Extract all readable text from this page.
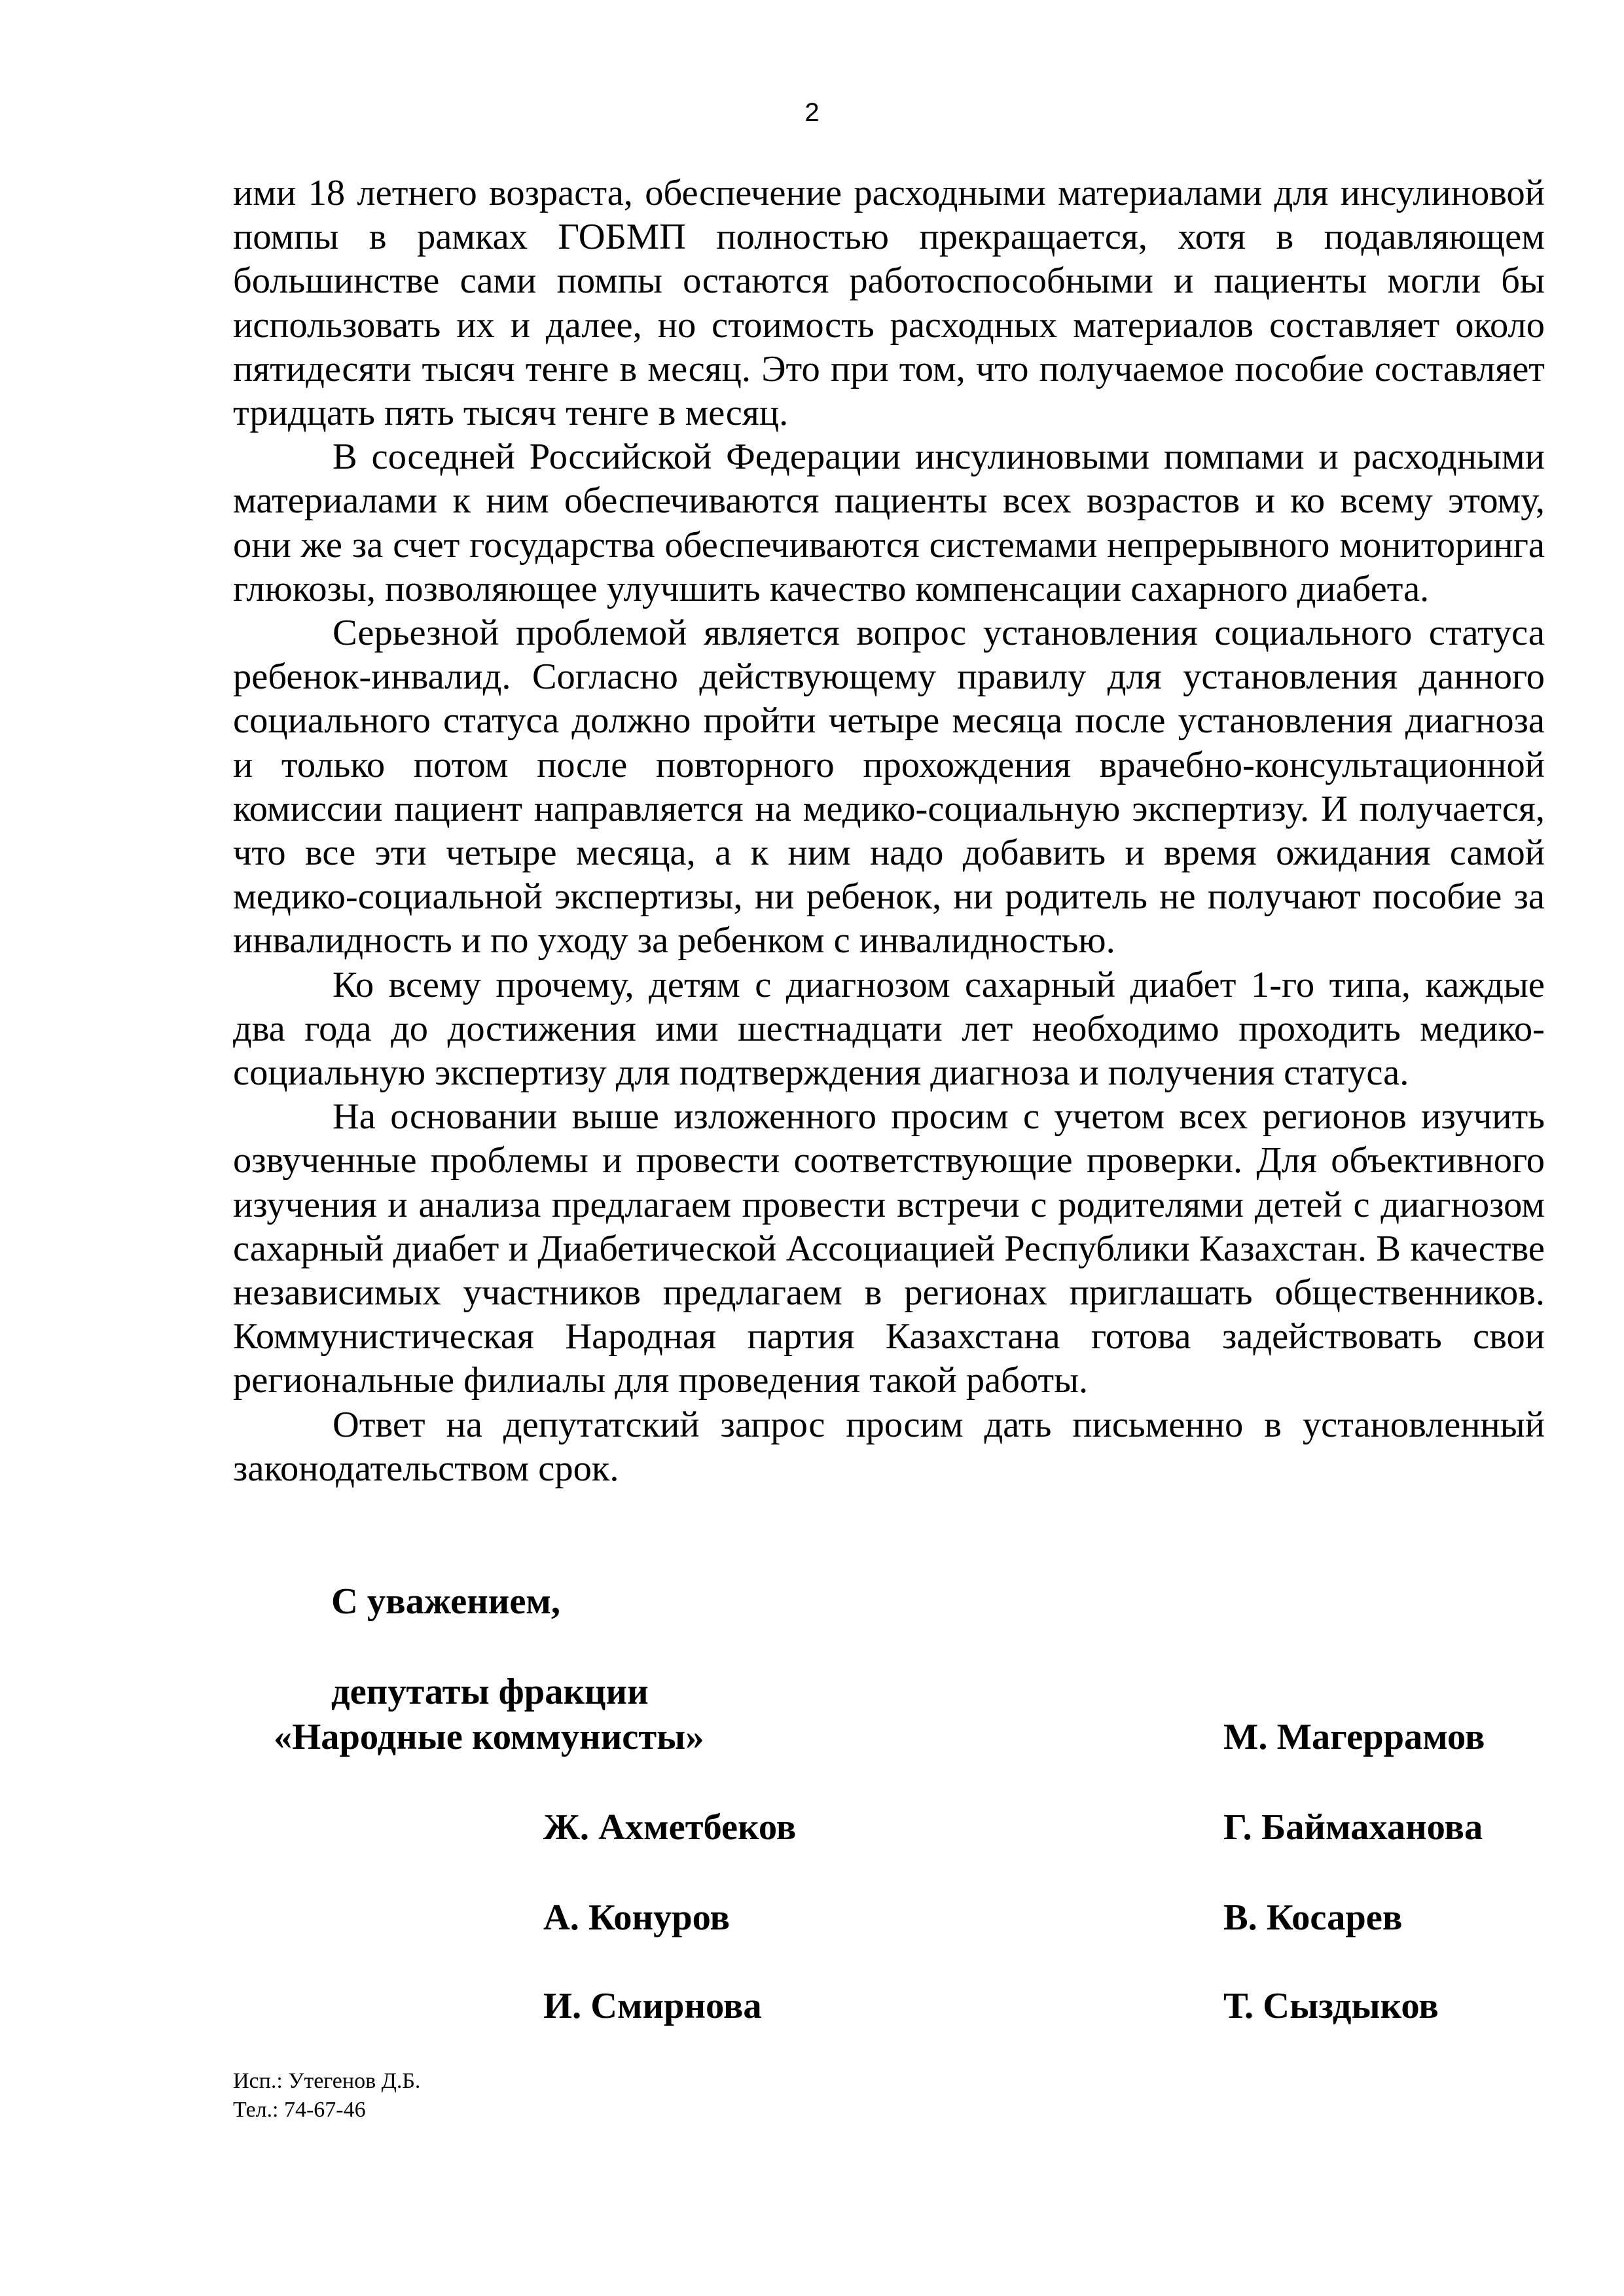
2

ими 18 летнего возраста, обеспечение расходными материалами для инсулиновой помпы в рамках ГОБМП полностью прекращается, хотя в подавляющем большинстве сами помпы остаются работоспособными и пациенты могли бы использовать их и далее, но стоимость расходных материалов составляет около пятидесяти тысяч тенге в месяц. Это при том, что получаемое пособие составляет тридцать пять тысяч тенге в месяц.

В соседней Российской Федерации инсулиновыми помпами и расходными материалами к ним обеспечиваются пациенты всех возрастов и ко всему этому, они же за счет государства обеспечиваются системами непрерывного мониторинга глюкозы, позволяющее улучшить качество компенсации сахарного диабета.

Серьезной проблемой является вопрос установления социального статуса ребенок-инвалид. Согласно действующему правилу для установления данного социального статуса должно пройти четыре месяца после установления диагноза и только потом после повторного прохождения врачебно-консультационной комиссии пациент направляется на медико-социальную экспертизу. И получается, что все эти четыре месяца, а к ним надо добавить и время ожидания самой медико-социальной экспертизы, ни ребенок, ни родитель не получают пособие за инвалидность и по уходу за ребенком с инвалидностью.

Ко всему прочему, детям с диагнозом сахарный диабет 1-го типа, каждые два года до достижения ими шестнадцати лет необходимо проходить медико-социальную экспертизу для подтверждения диагноза и получения статуса.

На основании выше изложенного просим с учетом всех регионов изучить озвученные проблемы и провести соответствующие проверки. Для объективного изучения и анализа предлагаем провести встречи с родителями детей с диагнозом сахарный диабет и Диабетической Ассоциацией Республики Казахстан. В качестве независимых участников предлагаем в регионах приглашать общественников. Коммунистическая Народная партия Казахстана готова задействовать свои региональные филиалы для проведения такой работы.

Ответ на депутатский запрос просим дать письменно в установленный законодательством срок.

С уважением,
депутаты фракции
«Народные коммунисты»	М. Магеррамов
Ж. Ахметбеков	Г. Баймаханова
А. Конуров	В. Косарев
И. Смирнова	Т. Сыздыков
Исп.: Утегенов Д.Б.
Тел.: 74-67-46
